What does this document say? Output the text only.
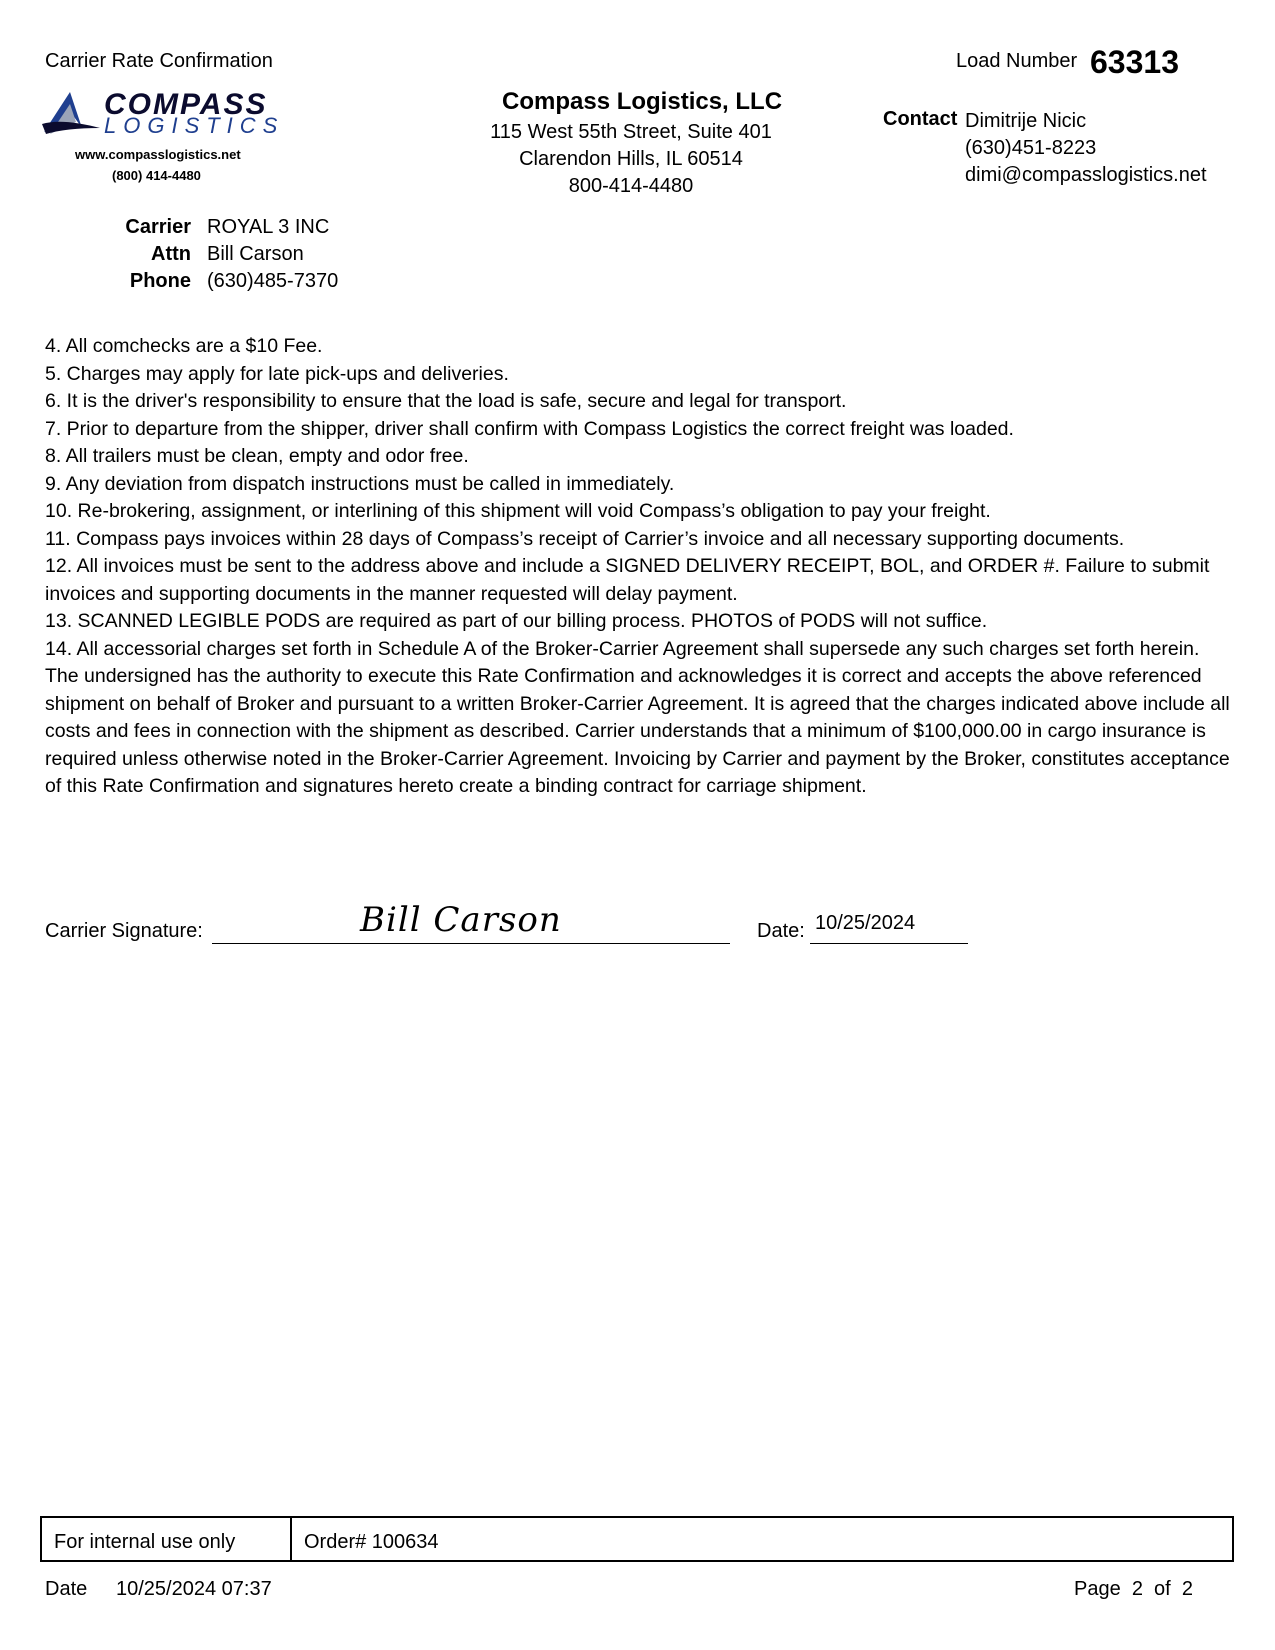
Carrier Rate Confirmation	Load Number 63313
COMPASS
LOGISTICS
www.compasslogistics.net
(800) 414-4480
Compass Logistics, LLC
115 West 55th Street, Suite 401
Clarendon Hills, IL 60514
800-414-4480
Contact Dimitrije Nicic
(630)451-8223
dimi@compasslogistics.net
Carrier ROYAL 3 INC
Attn Bill Carson
Phone (630)485-7370

4. All comchecks are a $10 Fee.

5. Charges may apply for late pick-ups and deliveries.

6. It is the driver's responsibility to ensure that the load is safe, secure and legal for transport.

7. Prior to departure from the shipper, driver shall confirm with Compass Logistics the correct freight was loaded.

8. All trailers must be clean, empty and odor free.

9. Any deviation from dispatch instructions must be called in immediately.

10. Re-brokering, assignment, or interlining of this shipment will void Compass’s obligation to pay your freight.

11. Compass pays invoices within 28 days of Compass’s receipt of Carrier’s invoice and all necessary supporting documents.

12. All invoices must be sent to the address above and include a SIGNED DELIVERY RECEIPT, BOL, and ORDER #. Failure to submit invoices and supporting documents in the manner requested will delay payment.

13. SCANNED LEGIBLE PODS are required as part of our billing process. PHOTOS of PODS will not suffice.

14. All accessorial charges set forth in Schedule A of the Broker-Carrier Agreement shall supersede any such charges set forth herein.

The undersigned has the authority to execute this Rate Confirmation and acknowledges it is correct and accepts the above referenced shipment on behalf of Broker and pursuant to a written Broker-Carrier Agreement. It is agreed that the charges indicated above include all costs and fees in connection with the shipment as described. Carrier understands that a minimum of $100,000.00 in cargo insurance is required unless otherwise noted in the Broker-Carrier Agreement. Invoicing by Carrier and payment by the Broker, constitutes acceptance of this Rate Confirmation and signatures hereto create a binding contract for carriage shipment.

Carrier Signature:	Bill Carson	Date: 10/25/2024
For internal use only	Order# 100634
Date 10/25/2024 07:37	Page  2  of  2
